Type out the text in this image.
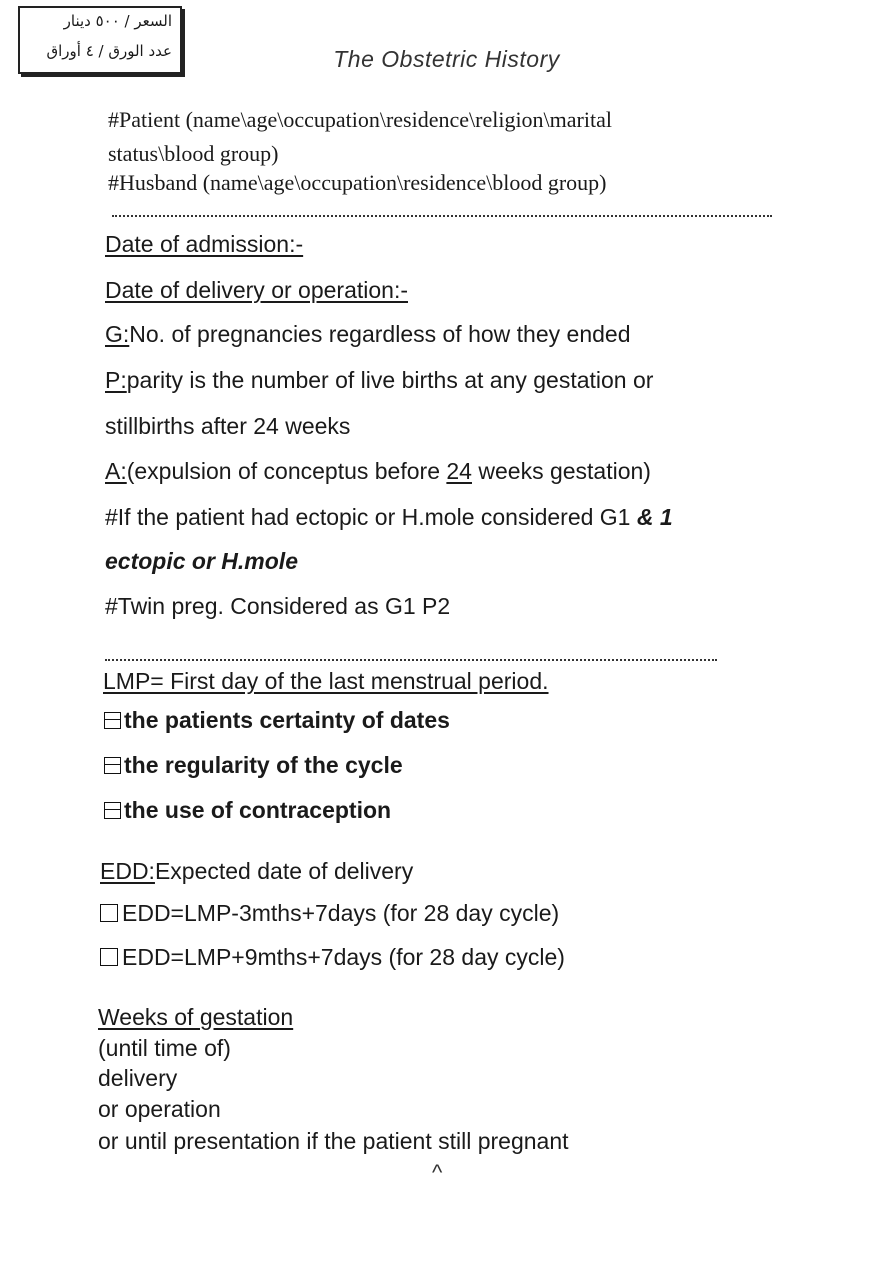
السعر / ٥٠٠ دينار
عدد الورق / ٤ أوراق	The Obstetric History
#Patient (name\age\occupation\residence\religion\marital
status\blood group)
#Husband (name\age\occupation\residence\blood group)
Date of admission:-
Date of delivery or operation:-
G:No. of pregnancies regardless of how they ended
P:parity is the number of live births at any gestation or
stillbirths after 24 weeks
A:(expulsion of conceptus before 24 weeks gestation)
#If the patient had ectopic or H.mole considered G1 & 1
ectopic or H.mole
#Twin preg. Considered as G1 P2
LMP= First day of the last menstrual period.
the patients certainty of dates
the regularity of the cycle
the use of contraception
EDD:Expected date of delivery
EDD=LMP-3mths+7days (for 28 day cycle)
EDD=LMP+9mths+7days (for 28 day cycle)
Weeks of gestation
(until time of)
delivery
or operation
or until presentation if the patient still pregnant
^
